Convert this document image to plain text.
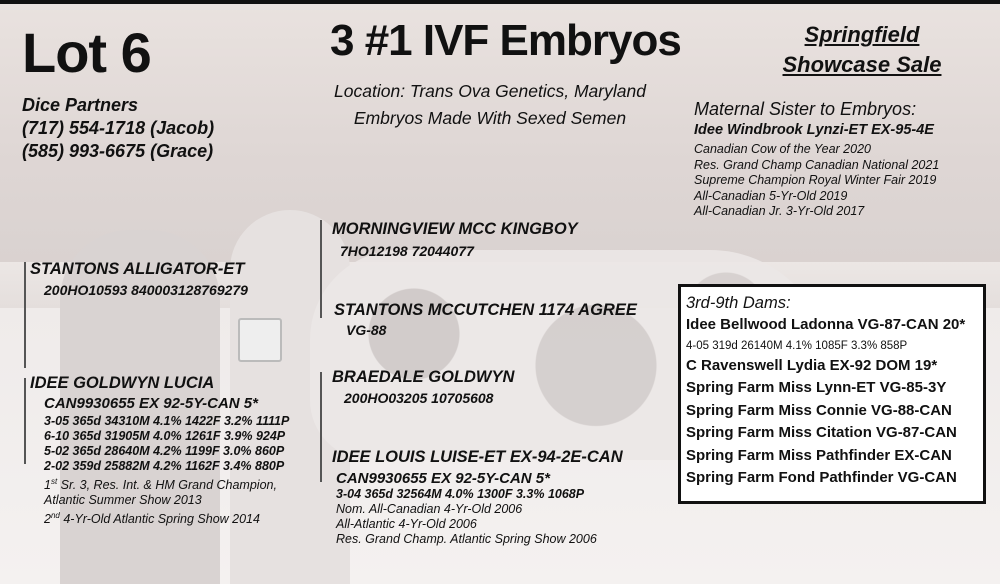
Lot 6	3 #1 IVF Embryos
Location: Trans Ova Genetics, Maryland
Embryos Made With Sexed Semen
Springfield
Showcase Sale
Dice Partners
(717) 554-1718 (Jacob)
(585) 993-6675 (Grace)
Maternal Sister to Embryos:
Idee Windbrook Lynzi-ET EX-95-4E
Canadian Cow of the Year 2020
Res. Grand Champ Canadian National 2021
Supreme Champion Royal Winter Fair 2019
All-Canadian 5-Yr-Old 2019
All-Canadian Jr. 3-Yr-Old 2017
STANTONS ALLIGATOR-ET
200HO10593 840003128769279
IDEE GOLDWYN LUCIA
CAN9930655 EX 92-5Y-CAN 5*
3-05 365d 34310M 4.1% 1422F 3.2% 1111P
6-10 365d 31905M 4.0% 1261F 3.9% 924P
5-02 365d 28640M 4.2% 1199F 3.0% 860P
2-02 359d 25882M 4.2% 1162F 3.4% 880P
1st Sr. 3, Res. Int. & HM Grand Champion,
Atlantic Summer Show 2013
2nd 4-Yr-Old Atlantic Spring Show 2014
MORNINGVIEW MCC KINGBOY
7HO12198 72044077
STANTONS MCCUTCHEN 1174 AGREE
VG-88
BRAEDALE GOLDWYN
200HO03205 10705608
IDEE LOUIS LUISE-ET EX-94-2E-CAN
CAN9930655 EX 92-5Y-CAN 5*
3-04 365d 32564M 4.0% 1300F 3.3% 1068P
Nom. All-Canadian 4-Yr-Old 2006
All-Atlantic 4-Yr-Old 2006
Res. Grand Champ. Atlantic Spring Show 2006
3rd-9th Dams:
Idee Bellwood Ladonna VG-87-CAN 20*
4-05 319d 26140M 4.1% 1085F 3.3% 858P
C Ravenswell Lydia EX-92 DOM 19*
Spring Farm Miss Lynn-ET VG-85-3Y
Spring Farm Miss Connie VG-88-CAN
Spring Farm Miss Citation VG-87-CAN
Spring Farm Miss Pathfinder EX-CAN
Spring Farm Fond Pathfinder VG-CAN
